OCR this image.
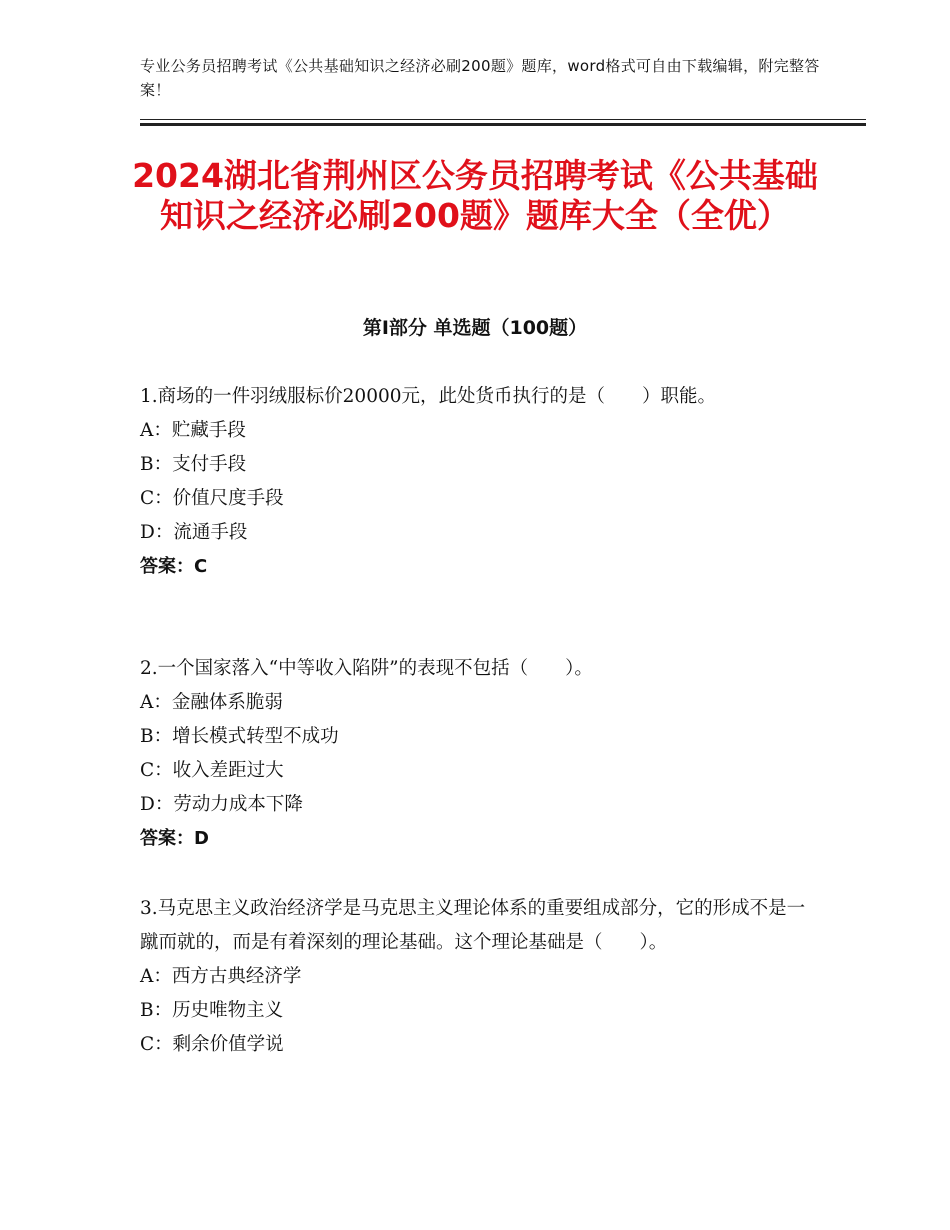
专业公务员招聘考试《公共基础知识之经济必刷200题》题库，word格式可自由下载编辑，附完整答案！
2024湖北省荆州区公务员招聘考试《公共基础知识之经济必刷200题》题库大全（全优）
第Ⅰ部分 单选题（100题）

1.商场的一件羽绒服标价20000元，此处货币执行的是（　　）职能。

A：贮藏手段

B：支付手段

C：价值尺度手段

D：流通手段

答案：C

2.一个国家落入“中等收入陷阱”的表现不包括（　　）。

A：金融体系脆弱

B：增长模式转型不成功

C：收入差距过大

D：劳动力成本下降

答案：D

3.马克思主义政治经济学是马克思主义理论体系的重要组成部分，它的形成不是一蹴而就的，而是有着深刻的理论基础。这个理论基础是（　　）。

A：西方古典经济学

B：历史唯物主义

C：剩余价值学说
